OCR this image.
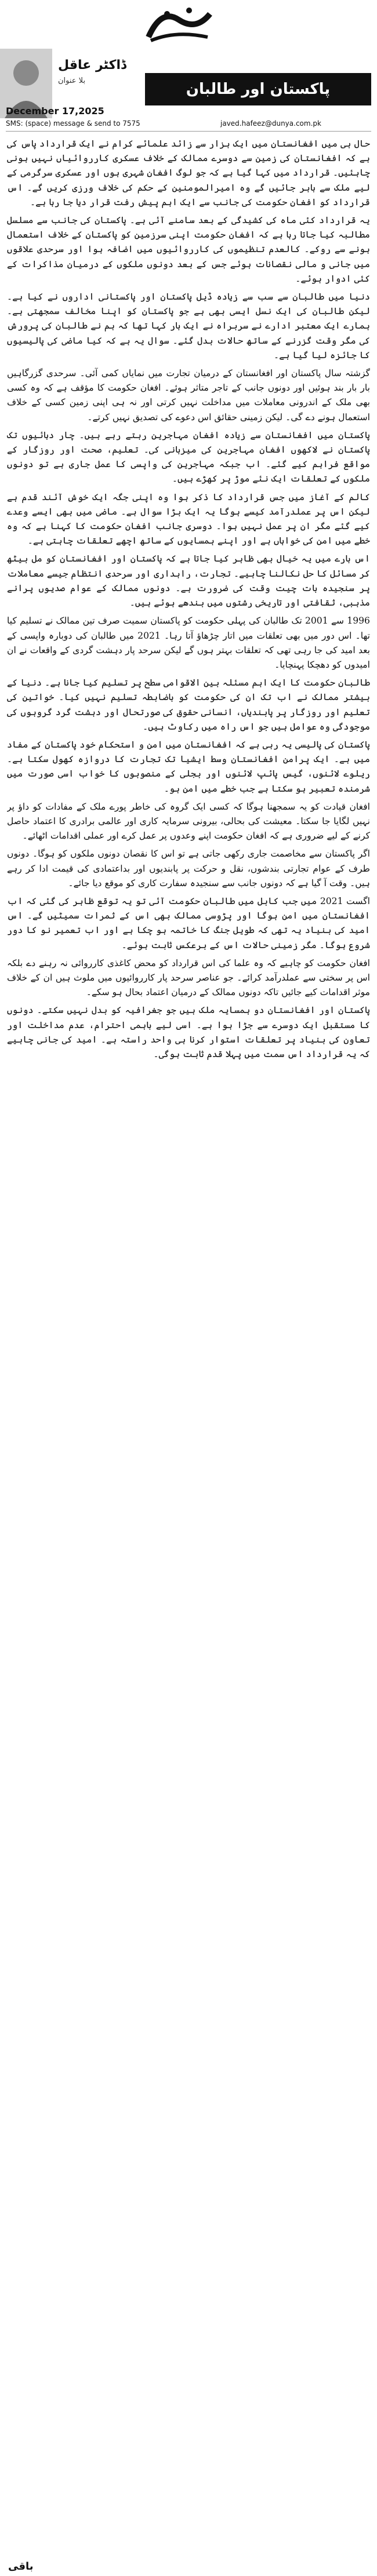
ڈاکٹر عاقل
بلا عنوان	پاکستان اور طالبان
December 17,2025
SMS: (space) message & send to 7575	javed.hafeez@dunya.com.pk

حال ہی میں افغانستان میں ایک ہزار سے زائد علمائے کرام نے ایک قرارداد پاس کی ہے کہ افغانستان کی زمین سے دوسرے ممالک کے خلاف عسکری کارروائیاں نہیں ہونی چاہئیں۔ قرارداد میں کہا گیا ہے کہ جو لوگ افغان شہری ہوں اور عسکری سرگرمی کے لیے ملک سے باہر جائیں گے وہ امیرالمومنین کے حکم کی خلاف ورزی کریں گے۔ اس قرارداد کو افغان حکومت کی جانب سے ایک اہم پیش رفت قرار دیا جا رہا ہے۔

یہ قرارداد کئی ماہ کی کشیدگی کے بعد سامنے آئی ہے۔ پاکستان کی جانب سے مسلسل مطالبہ کیا جاتا رہا ہے کہ افغان حکومت اپنی سرزمین کو پاکستان کے خلاف استعمال ہونے سے روکے۔ کالعدم تنظیموں کی کارروائیوں میں اضافہ ہوا اور سرحدی علاقوں میں جانی و مالی نقصانات ہوئے جس کے بعد دونوں ملکوں کے درمیان مذاکرات کے کئی ادوار ہوئے۔

دنیا میں طالبان سے سب سے زیادہ ڈیل پاکستان اور پاکستانی اداروں نے کیا ہے۔ لیکن طالبان کی ایک نسل ایسی بھی ہے جو پاکستان کو اپنا مخالف سمجھتی ہے۔ ہمارے ایک معتبر ادارے نے سربراہ نے ایک بار کہا تھا کہ ہم نے طالبان کی پرورش کی مگر وقت گزرنے کے ساتھ حالات بدل گئے۔ سوال یہ ہے کہ کیا ماضی کی پالیسیوں کا جائزہ لیا گیا ہے۔

گزشتہ سال پاکستان اور افغانستان کے درمیان تجارت میں نمایاں کمی آئی۔ سرحدی گزرگاہیں بار بار بند ہوئیں اور دونوں جانب کے تاجر متاثر ہوئے۔ افغان حکومت کا مؤقف ہے کہ وہ کسی بھی ملک کے اندرونی معاملات میں مداخلت نہیں کرتی اور نہ ہی اپنی زمین کسی کے خلاف استعمال ہونے دے گی۔ لیکن زمینی حقائق اس دعوے کی تصدیق نہیں کرتے۔

پاکستان میں افغانستان سے زیادہ افغان مہاجرین رہتے رہے ہیں۔ چار دہائیوں تک پاکستان نے لاکھوں افغان مہاجرین کی میزبانی کی۔ تعلیم، صحت اور روزگار کے مواقع فراہم کیے گئے۔ اب جبکہ مہاجرین کی واپسی کا عمل جاری ہے تو دونوں ملکوں کے تعلقات ایک نئے موڑ پر کھڑے ہیں۔

کالم کے آغاز میں جس قرارداد کا ذکر ہوا وہ اپنی جگہ ایک خوش آئند قدم ہے لیکن اس پر عملدرآمد کیسے ہوگا یہ ایک بڑا سوال ہے۔ ماضی میں بھی ایسے وعدے کیے گئے مگر ان پر عمل نہیں ہوا۔ دوسری جانب افغان حکومت کا کہنا ہے کہ وہ خطے میں امن کی خواہاں ہے اور اپنے ہمسایوں کے ساتھ اچھے تعلقات چاہتی ہے۔

اس بارے میں یہ خیال بھی ظاہر کیا جاتا ہے کہ پاکستان اور افغانستان کو مل بیٹھ کر مسائل کا حل نکالنا چاہیے۔ تجارت، راہداری اور سرحدی انتظام جیسے معاملات پر سنجیدہ بات چیت وقت کی ضرورت ہے۔ دونوں ممالک کے عوام صدیوں پرانے مذہبی، ثقافتی اور تاریخی رشتوں میں بندھے ہوئے ہیں۔

1996 سے 2001 تک طالبان کی پہلی حکومت کو پاکستان سمیت صرف تین ممالک نے تسلیم کیا تھا۔ اس دور میں بھی تعلقات میں اتار چڑھاؤ آتا رہا۔ 2021 میں طالبان کی دوبارہ واپسی کے بعد امید کی جا رہی تھی کہ تعلقات بہتر ہوں گے لیکن سرحد پار دہشت گردی کے واقعات نے ان امیدوں کو دھچکا پہنچایا۔

طالبان حکومت کا ایک اہم مسئلہ بین الاقوامی سطح پر تسلیم کیا جانا ہے۔ دنیا کے بیشتر ممالک نے اب تک ان کی حکومت کو باضابطہ تسلیم نہیں کیا۔ خواتین کی تعلیم اور روزگار پر پابندیاں، انسانی حقوق کی صورتحال اور دہشت گرد گروہوں کی موجودگی وہ عوامل ہیں جو اس راہ میں رکاوٹ ہیں۔

پاکستان کی پالیسی یہ رہی ہے کہ افغانستان میں امن و استحکام خود پاکستان کے مفاد میں ہے۔ ایک پرامن افغانستان وسط ایشیا تک تجارت کا دروازہ کھول سکتا ہے۔ ریلوے لائنوں، گیس پائپ لائنوں اور بجلی کے منصوبوں کا خواب اسی صورت میں شرمندہ تعبیر ہو سکتا ہے جب خطے میں امن ہو۔

افغان قیادت کو یہ سمجھنا ہوگا کہ کسی ایک گروہ کی خاطر پورے ملک کے مفادات کو داؤ پر نہیں لگایا جا سکتا۔ معیشت کی بحالی، بیرونی سرمایہ کاری اور عالمی برادری کا اعتماد حاصل کرنے کے لیے ضروری ہے کہ افغان حکومت اپنے وعدوں پر عمل کرے اور عملی اقدامات اٹھائے۔

اگر پاکستان سے مخاصمت جاری رکھی جاتی ہے تو اس کا نقصان دونوں ملکوں کو ہوگا۔ دونوں طرف کے عوام تجارتی بندشوں، نقل و حرکت پر پابندیوں اور بداعتمادی کی قیمت ادا کر رہے ہیں۔ وقت آ گیا ہے کہ دونوں جانب سے سنجیدہ سفارت کاری کو موقع دیا جائے۔

اگست 2021 میں جب کابل میں طالبان حکومت آئی تو یہ توقع ظاہر کی گئی کہ اب افغانستان میں امن ہوگا اور پڑوسی ممالک بھی اس کے ثمرات سمیٹیں گے۔ اس امید کی بنیاد یہ تھی کہ طویل جنگ کا خاتمہ ہو چکا ہے اور اب تعمیر نو کا دور شروع ہوگا۔ مگر زمینی حالات اس کے برعکس ثابت ہوئے۔

افغان حکومت کو چاہیے کہ وہ علما کی اس قرارداد کو محض کاغذی کارروائی نہ رہنے دے بلکہ اس پر سختی سے عملدرآمد کرائے۔ جو عناصر سرحد پار کارروائیوں میں ملوث ہیں ان کے خلاف موثر اقدامات کیے جائیں تاکہ دونوں ممالک کے درمیان اعتماد بحال ہو سکے۔

پاکستان اور افغانستان دو ہمسایہ ملک ہیں جو جغرافیہ کو بدل نہیں سکتے۔ دونوں کا مستقبل ایک دوسرے سے جڑا ہوا ہے۔ اسی لیے باہمی احترام، عدم مداخلت اور تعاون کی بنیاد پر تعلقات استوار کرنا ہی واحد راستہ ہے۔ امید کی جانی چاہیے کہ یہ قرارداد اس سمت میں پہلا قدم ثابت ہوگی۔

باقی
